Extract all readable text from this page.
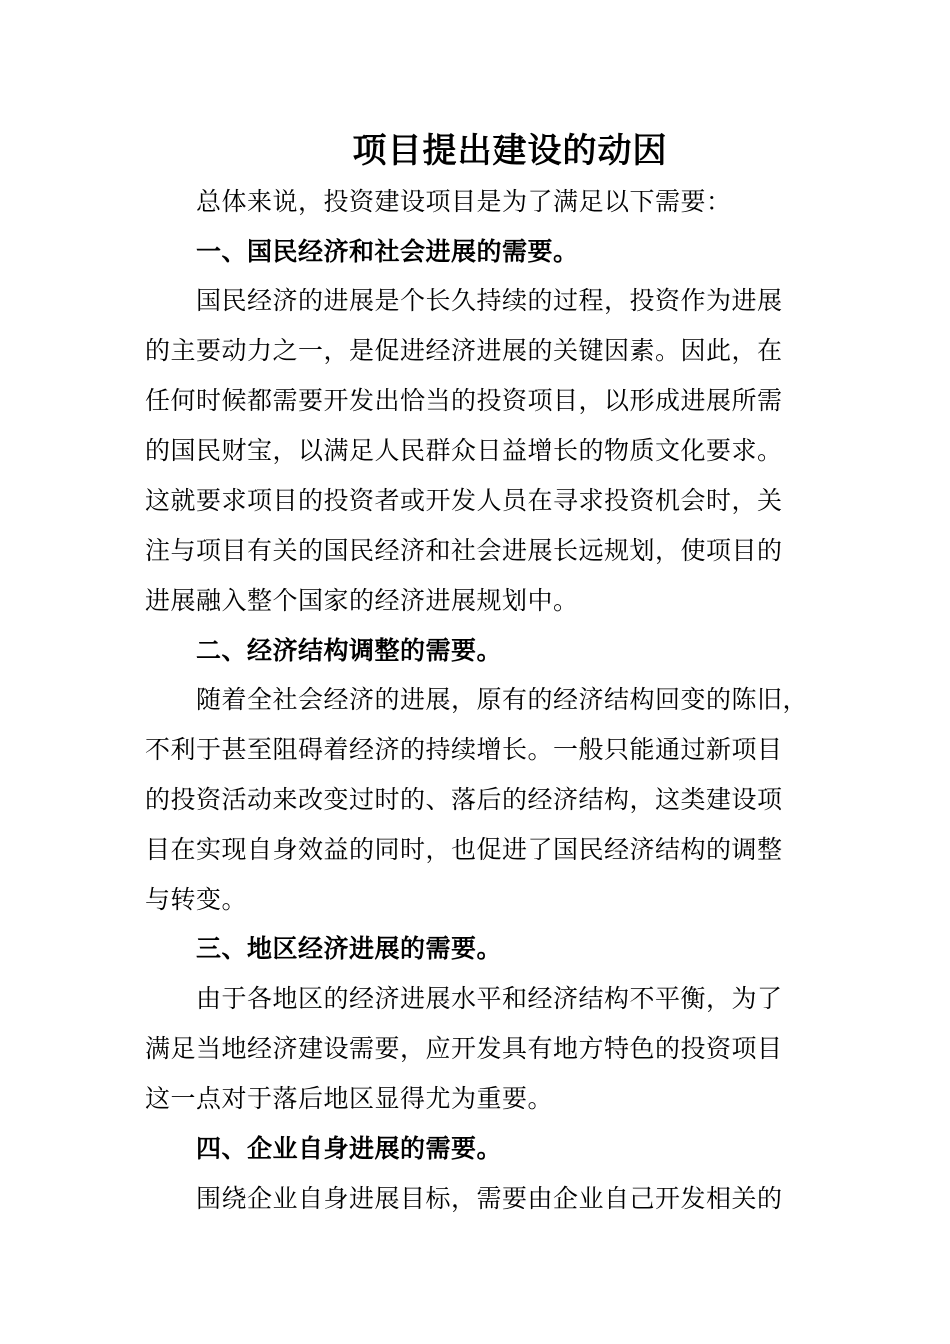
项目提出建设的动因
总体来说，投资建设项目是为了满足以下需要：
一、国民经济和社会进展的需要。
国民经济的进展是个长久持续的过程，投资作为进展
的主要动力之一，是促进经济进展的关键因素。因此，在
任何时候都需要开发出恰当的投资项目，以形成进展所需
的国民财宝，以满足人民群众日益增长的物质文化要求。
这就要求项目的投资者或开发人员在寻求投资机会时，关
注与项目有关的国民经济和社会进展长远规划，使项目的
进展融入整个国家的经济进展规划中。
二、经济结构调整的需要。
随着全社会经济的进展，原有的经济结构回变的陈旧，
不利于甚至阻碍着经济的持续增长。一般只能通过新项目
的投资活动来改变过时的、落后的经济结构，这类建设项
目在实现自身效益的同时，也促进了国民经济结构的调整
与转变。
三、地区经济进展的需要。
由于各地区的经济进展水平和经济结构不平衡，为了
满足当地经济建设需要，应开发具有地方特色的投资项目
这一点对于落后地区显得尤为重要。
四、企业自身进展的需要。
围绕企业自身进展目标，需要由企业自己开发相关的
